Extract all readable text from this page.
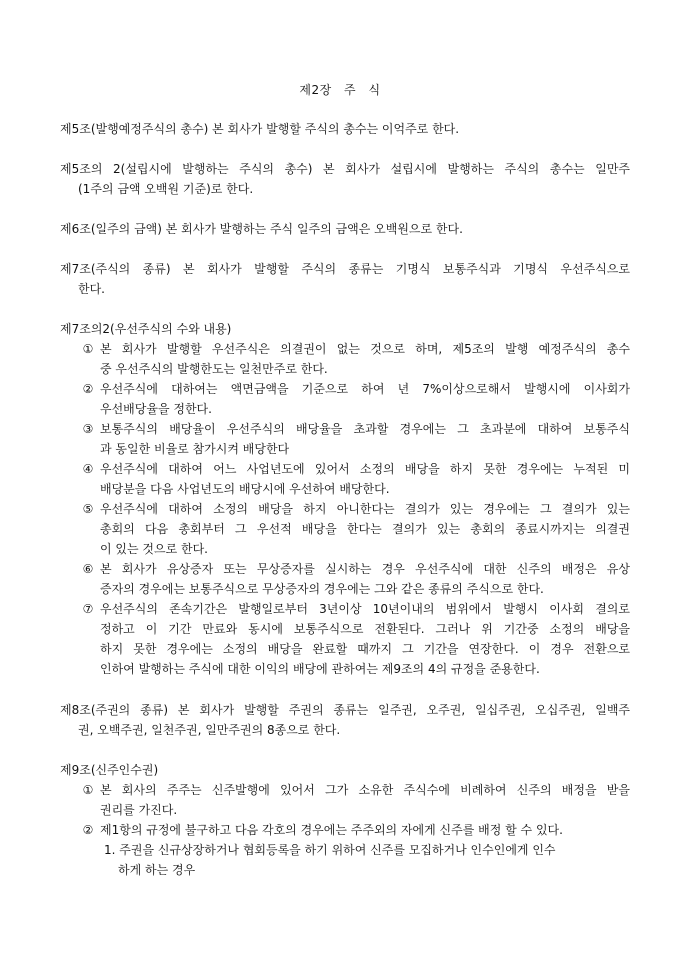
제2장 주 식
제5조(발행예정주식의 총수) 본 회사가 발행할 주식의 총수는 이억주로 한다.
제5조의 2(설립시에 발행하는 주식의 총수) 본 회사가 설립시에 발행하는 주식의 총수는 일만주
(1주의 금액 오백원 기준)로 한다.
제6조(일주의 금액) 본 회사가 발행하는 주식 일주의 금액은 오백원으로 한다.
제7조(주식의 종류) 본 회사가 발행할 주식의 종류는 기명식 보통주식과 기명식 우선주식으로
한다.
제7조의2(우선주식의 수와 내용)
① 본 회사가 발행할 우선주식은 의결권이 없는 것으로 하며, 제5조의 발행 예정주식의 총수
중 우선주식의 발행한도는 일천만주로 한다.
② 우선주식에 대하여는 액면금액을 기준으로 하여 년 7%이상으로해서 발행시에 이사회가
우선배당율을 정한다.
③ 보통주식의 배당율이 우선주식의 배당율을 초과할 경우에는 그 초과분에 대하여 보통주식
과 동일한 비율로 참가시켜 배당한다
④ 우선주식에 대하여 어느 사업년도에 있어서 소정의 배당을 하지 못한 경우에는 누적된 미
배당분을 다음 사업년도의 배당시에 우선하여 배당한다.
⑤ 우선주식에 대하여 소정의 배당을 하지 아니한다는 결의가 있는 경우에는 그 결의가 있는
총회의 다음 총회부터 그 우선적 배당을 한다는 결의가 있는 총회의 종료시까지는 의결권
이 있는 것으로 한다.
⑥ 본 회사가 유상증자 또는 무상증자를 실시하는 경우 우선주식에 대한 신주의 배정은 유상
증자의 경우에는 보통주식으로 무상증자의 경우에는 그와 같은 종류의 주식으로 한다.
⑦ 우선주식의 존속기간은 발행일로부터 3년이상 10년이내의 범위에서 발행시 이사회 결의로
정하고 이 기간 만료와 동시에 보통주식으로 전환된다. 그러나 위 기간중 소정의 배당을
하지 못한 경우에는 소정의 배당을 완료할 때까지 그 기간을 연장한다. 이 경우 전환으로
인하여 발행하는 주식에 대한 이익의 배당에 관하여는 제9조의 4의 규정을 준용한다.
제8조(주권의 종류) 본 회사가 발행할 주권의 종류는 일주권, 오주권, 일십주권, 오십주권, 일백주
권, 오백주권, 일천주권, 일만주권의 8종으로 한다.
제9조(신주인수권)
① 본 회사의 주주는 신주발행에 있어서 그가 소유한 주식수에 비례하여 신주의 배정을 받을
권리를 가진다.
② 제1항의 규정에 불구하고 다음 각호의 경우에는 주주외의 자에게 신주를 배정 할 수 있다.
1. 주권을 신규상장하거나 협회등록을 하기 위하여 신주를 모집하거나 인수인에게 인수
하게 하는 경우
